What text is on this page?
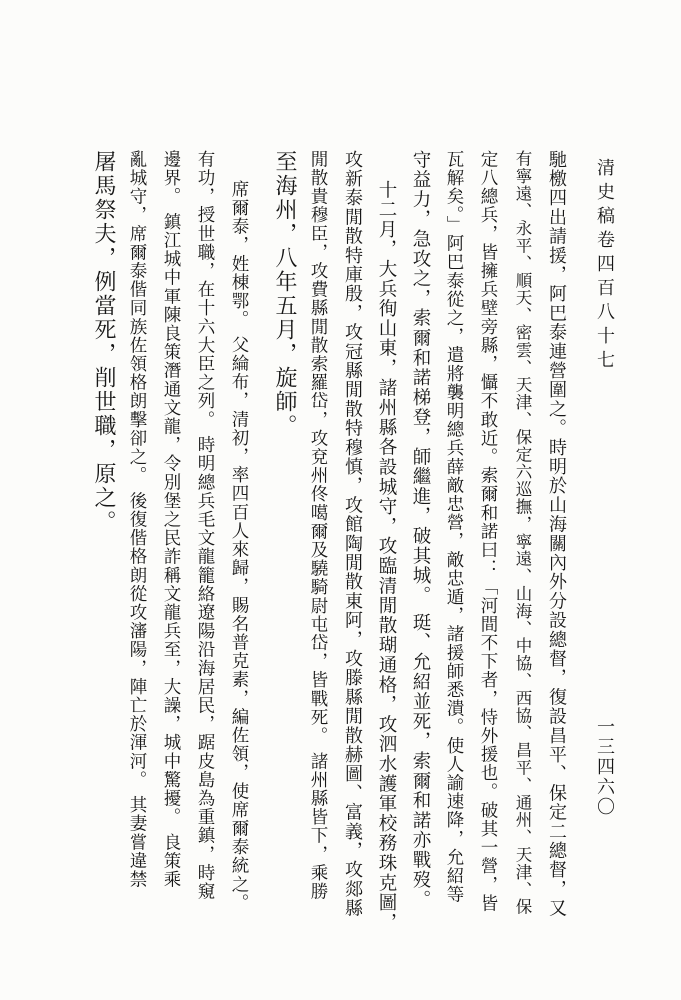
清史稿卷四百八十七
一三四六〇
馳檄四出請援，阿巴泰連營圍之。時明於山海關內外分設總督，復設昌平、保定二總督，又
有寧遠、永平、順天、密雲、天津、保定六巡撫，寧遠、山海、中協、西協、昌平、通州、天津、保
定八總兵，皆擁兵壁旁縣，懾不敢近。索爾和諾曰：「河間不下者，恃外援也。破其一營，皆
瓦解矣。」阿巴泰從之，遣將襲明總兵薛敵忠營，敵忠遁，諸援師悉潰。使人諭速降，允紹等
守益力，急攻之，索爾和諾梯登，師繼進，破其城。 珽、允紹並死，索爾和諾亦戰歿。
十二月，大兵徇山東，諸州縣各設城守，攻臨清閒散瑚通格，攻泗水護軍校務珠克圖，
攻新泰閒散特庫殷，攻冠縣閒散特穆慎，攻館陶閒散東阿，攻滕縣閒散赫圖、富義，攻郯縣
閒散貴穆臣，攻費縣閒散索羅岱，攻兗州佟噶爾及驍騎尉屯岱，皆戰死。 諸州縣皆下，乘勝
至海州，八年五月，旋師。
席爾泰，姓棟鄂。 父綸布，清初，率四百人來歸，賜名普克素，編佐領，使席爾泰統之。
有功，授世職，在十六大臣之列。 時明總兵毛文龍籠絡遼陽沿海居民，踞皮島為重鎮，時窺
邊界。 鎮江城中軍陳良策潛通文龍，令別堡之民詐稱文龍兵至，大譟，城中驚擾。 良策乘
亂城守，席爾泰偕同族佐領格朗擊卻之。 後復偕格朗從攻瀋陽，陣亡於渾河。 其妻嘗違禁
屠馬祭夫，例當死，削世職，原之。
